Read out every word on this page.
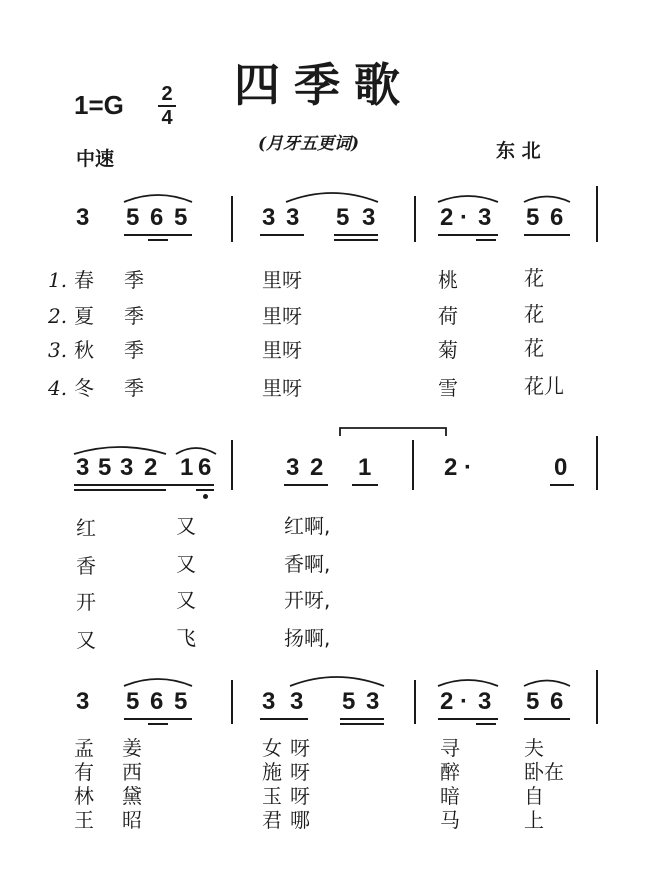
四季歌
1=G 2
4
(月牙五更词)
中速	东 北
3 5 6 5	3 3 5 3	2 · 3 5 6
1.
2.
3.
4.
春 季	里呀	桃	花
夏 季	里呀	荷	花
秋 季	里呀	菊	花
冬 季	里呀	雪	花儿
3 5 3 2 1 6	3 2 1	2 ·	0
红	又	红啊,
香	又	香啊,
开	又	开呀,
又	飞	扬啊,
3 5 6 5	3 3 5 3	2 · 3 5 6
孟 姜	女 呀	寻	夫
有 西	施 呀	醉	卧在
林 黛	玉 呀	暗	自
王 昭	君 哪	马	上
